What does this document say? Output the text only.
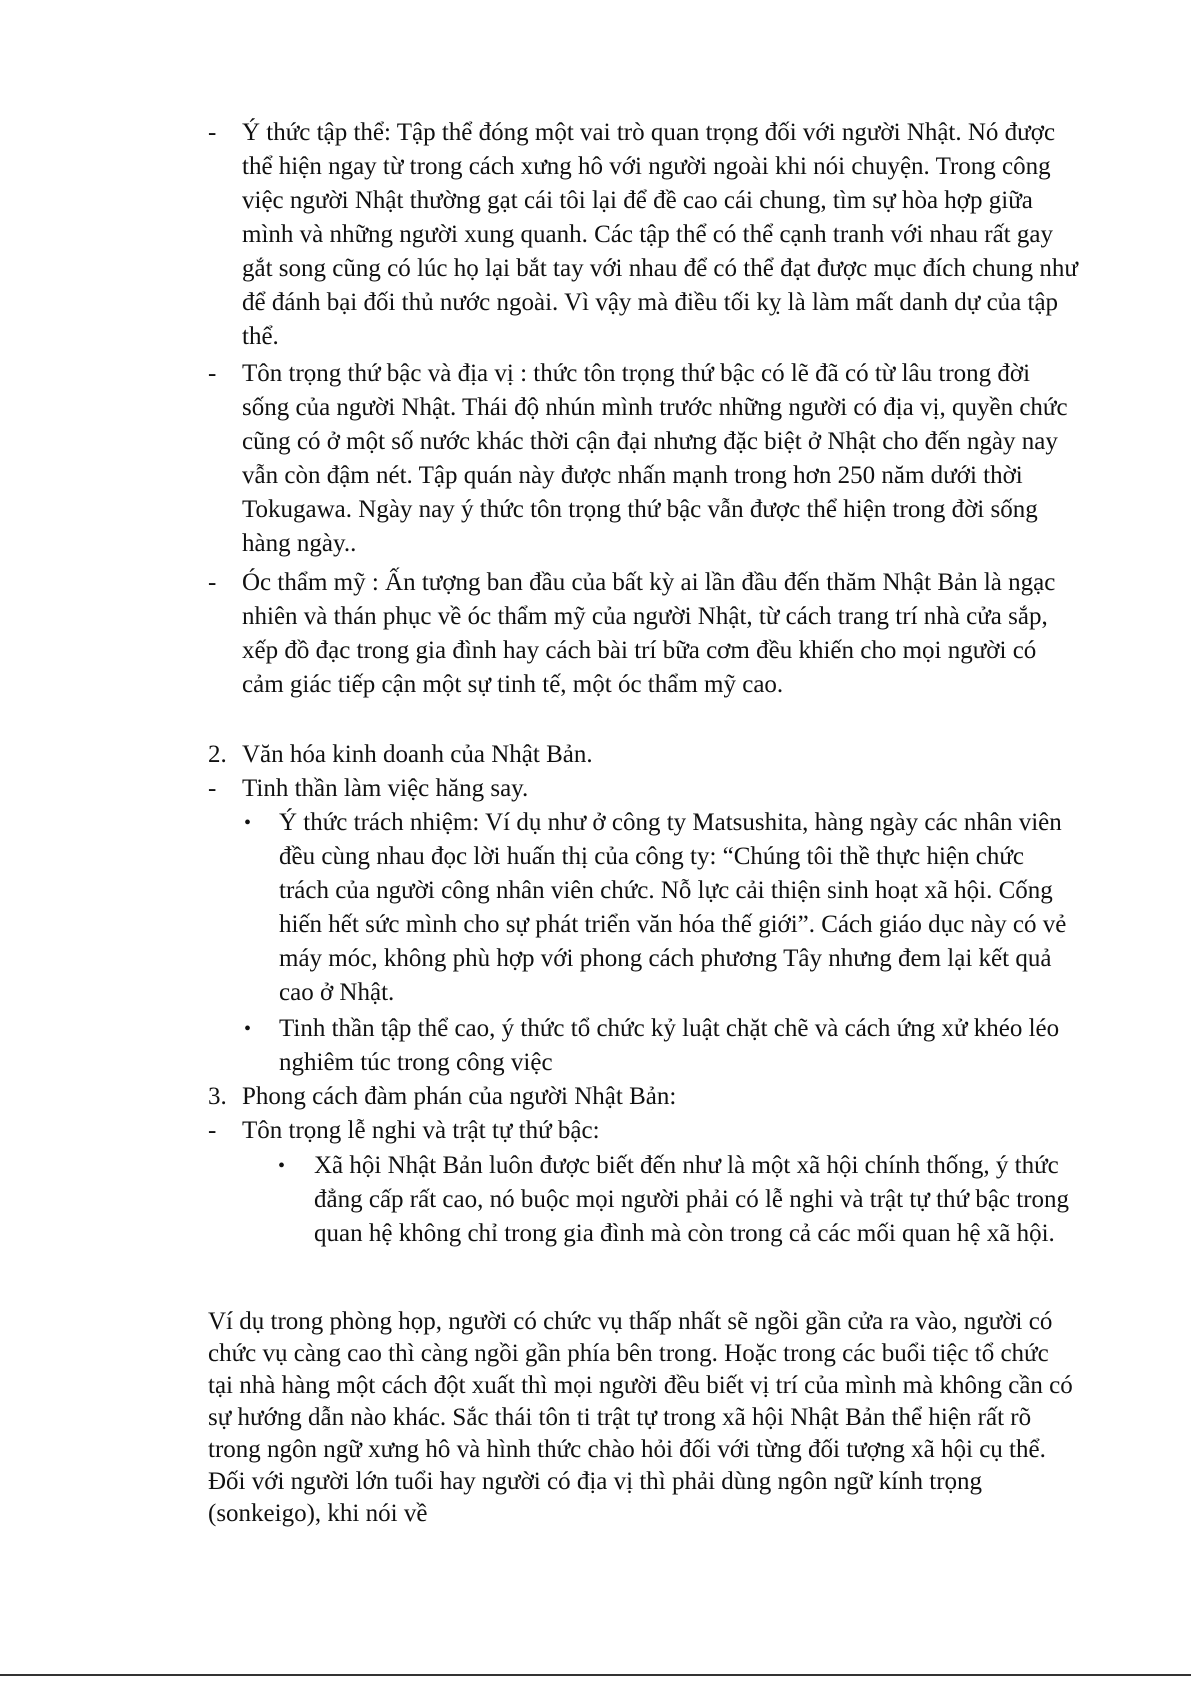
- Ý thức tập thể: Tập thể đóng một vai trò quan trọng đối với người Nhật. Nó được thể hiện ngay từ trong cách xưng hô với người ngoài khi nói chuyện. Trong công việc người Nhật thường gạt cái tôi lại để đề cao cái chung, tìm sự hòa hợp giữa mình và những người xung quanh. Các tập thể có thể cạnh tranh với nhau rất gay gắt song cũng có lúc họ lại bắt tay với nhau để có thể đạt được mục đích chung như để đánh bại đối thủ nước ngoài. Vì vậy mà điều tối kỵ là làm mất danh dự của tập thể.
- Tôn trọng thứ bậc và địa vị : thức tôn trọng thứ bậc có lẽ đã có từ lâu trong đời sống của người Nhật. Thái độ nhún mình trước những người có địa vị, quyền chức cũng có ở một số nước khác thời cận đại nhưng đặc biệt ở Nhật cho đến ngày nay vẫn còn đậm nét. Tập quán này được nhấn mạnh trong hơn 250 năm dưới thời Tokugawa. Ngày nay ý thức tôn trọng thứ bậc vẫn được thể hiện trong đời sống hàng ngày..
- Óc thẩm mỹ : Ấn tượng ban đầu của bất kỳ ai lần đầu đến thăm Nhật Bản là ngạc nhiên và thán phục về óc thẩm mỹ của người Nhật, từ cách trang trí nhà cửa sắp, xếp đồ đạc trong gia đình hay cách bài trí bữa cơm đều khiến cho mọi người có cảm giác tiếp cận một sự tinh tế, một óc thẩm mỹ cao.
2. Văn hóa kinh doanh của Nhật Bản.
- Tinh thần làm việc hăng say.
• Ý thức trách nhiệm: Ví dụ như ở công ty Matsushita, hàng ngày các nhân viên đều cùng nhau đọc lời huấn thị của công ty: “Chúng tôi thề thực hiện chức trách của người công nhân viên chức. Nỗ lực cải thiện sinh hoạt xã hội. Cống hiến hết sức mình cho sự phát triển văn hóa thế giới”. Cách giáo dục này có vẻ máy móc, không phù hợp với phong cách phương Tây nhưng đem lại kết quả cao ở Nhật.
• Tinh thần tập thể cao, ý thức tổ chức kỷ luật chặt chẽ và cách ứng xử khéo léo nghiêm túc trong công việc
3. Phong cách đàm phán của người Nhật Bản:
- Tôn trọng lễ nghi và trật tự thứ bậc:
• Xã hội Nhật Bản luôn được biết đến như là một xã hội chính thống, ý thức đẳng cấp rất cao, nó buộc mọi người phải có lễ nghi và trật tự thứ bậc trong quan hệ không chỉ trong gia đình mà còn trong cả các mối quan hệ xã hội.
Ví dụ trong phòng họp, người có chức vụ thấp nhất sẽ ngồi gần cửa ra vào, người có chức vụ càng cao thì càng ngồi gần phía bên trong. Hoặc trong các buổi tiệc tổ chức tại nhà hàng một cách đột xuất thì mọi người đều biết vị trí của mình mà không cần có sự hướng dẫn nào khác. Sắc thái tôn ti trật tự trong xã hội Nhật Bản thể hiện rất rõ trong ngôn ngữ xưng hô và hình thức chào hỏi đối với từng đối tượng xã hội cụ thể. Đối với người lớn tuổi hay người có địa vị thì phải dùng ngôn ngữ kính trọng (sonkeigo), khi nói về
